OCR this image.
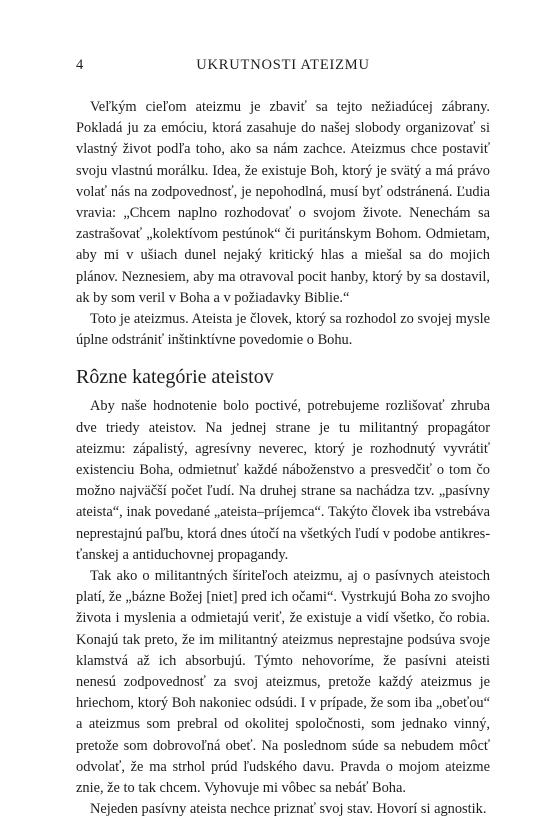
4	UKRUTNOSTI ATEIZMU

Veľkým cieľom ateizmu je zbaviť sa tejto nežiadúcej zábrany. Pokladá ju za emóciu, ktorá zasahuje do našej slobody organizovať si vlastný život podľa toho, ako sa nám zachce. Ateizmus chce postaviť svoju vlastnú morálku. Idea, že existuje Boh, ktorý je svätý a má právo volať nás na zodpovednosť, je nepohodlná, musí byť odstránená. Ľudia vravia: „Chcem naplno rozhodovať o svojom živote. Nenechám sa zastrašovať „kolektívom pestúnok“ či puritánskym Bohom. Odmietam, aby mi v ušiach dunel nejaký kritický hlas a miešal sa do mojich plánov. Neznesiem, aby ma otravoval pocit hanby, ktorý by sa dostavil, ak by som veril v Boha a v požiadavky Biblie.“

Toto je ateizmus. Ateista je človek, ktorý sa rozhodol zo svojej mysle úplne odstrániť inštinktívne povedomie o Bohu.

Rôzne kategórie ateistov

Aby naše hodnotenie bolo poctivé, potrebujeme rozlišovať zhruba dve triedy ateistov. Na jednej strane je tu militantný propagátor ateizmu: zápalistý, agresívny neverec, ktorý je rozhodnutý vyvrátiť existenciu Boha, odmietnuť každé náboženstvo a presvedčiť o tom čo možno najväčší počet ľudí. Na druhej strane sa nachádza tzv. „pasívny ateista“, inak povedané „ateista–príjemca“. Takýto človek iba vstrebáva neprestajnú paľbu, ktorá dnes útočí na všetkých ľudí v podobe antikres-ťanskej a antiduchovnej propagandy.

Tak ako o militantných šíriteľoch ateizmu, aj o pasívnych ateistoch platí, že „bázne Božej [niet] pred ich očami“. Vystrkujú Boha zo svojho života i myslenia a odmietajú veriť, že existuje a vidí všetko, čo robia. Konajú tak preto, že im militantný ateizmus neprestajne podsúva svoje klamstvá až ich absorbujú. Týmto nehovoríme, že pasívni ateisti nenesú zodpovednosť za svoj ateizmus, pretože každý ateizmus je hriechom, ktorý Boh nakoniec odsúdi. I v prípade, že som iba „obeťou“ a ateizmus som prebral od okolitej spoločnosti, som jednako vinný, pretože som dobrovoľná obeť. Na poslednom súde sa nebudem môcť odvolať, že ma strhol prúd ľudského davu. Pravda o mojom ateizme znie, že to tak chcem. Vyhovuje mi vôbec sa nebáť Boha.

Nejeden pasívny ateista nechce priznať svoj stav. Hovorí si agnostik.
